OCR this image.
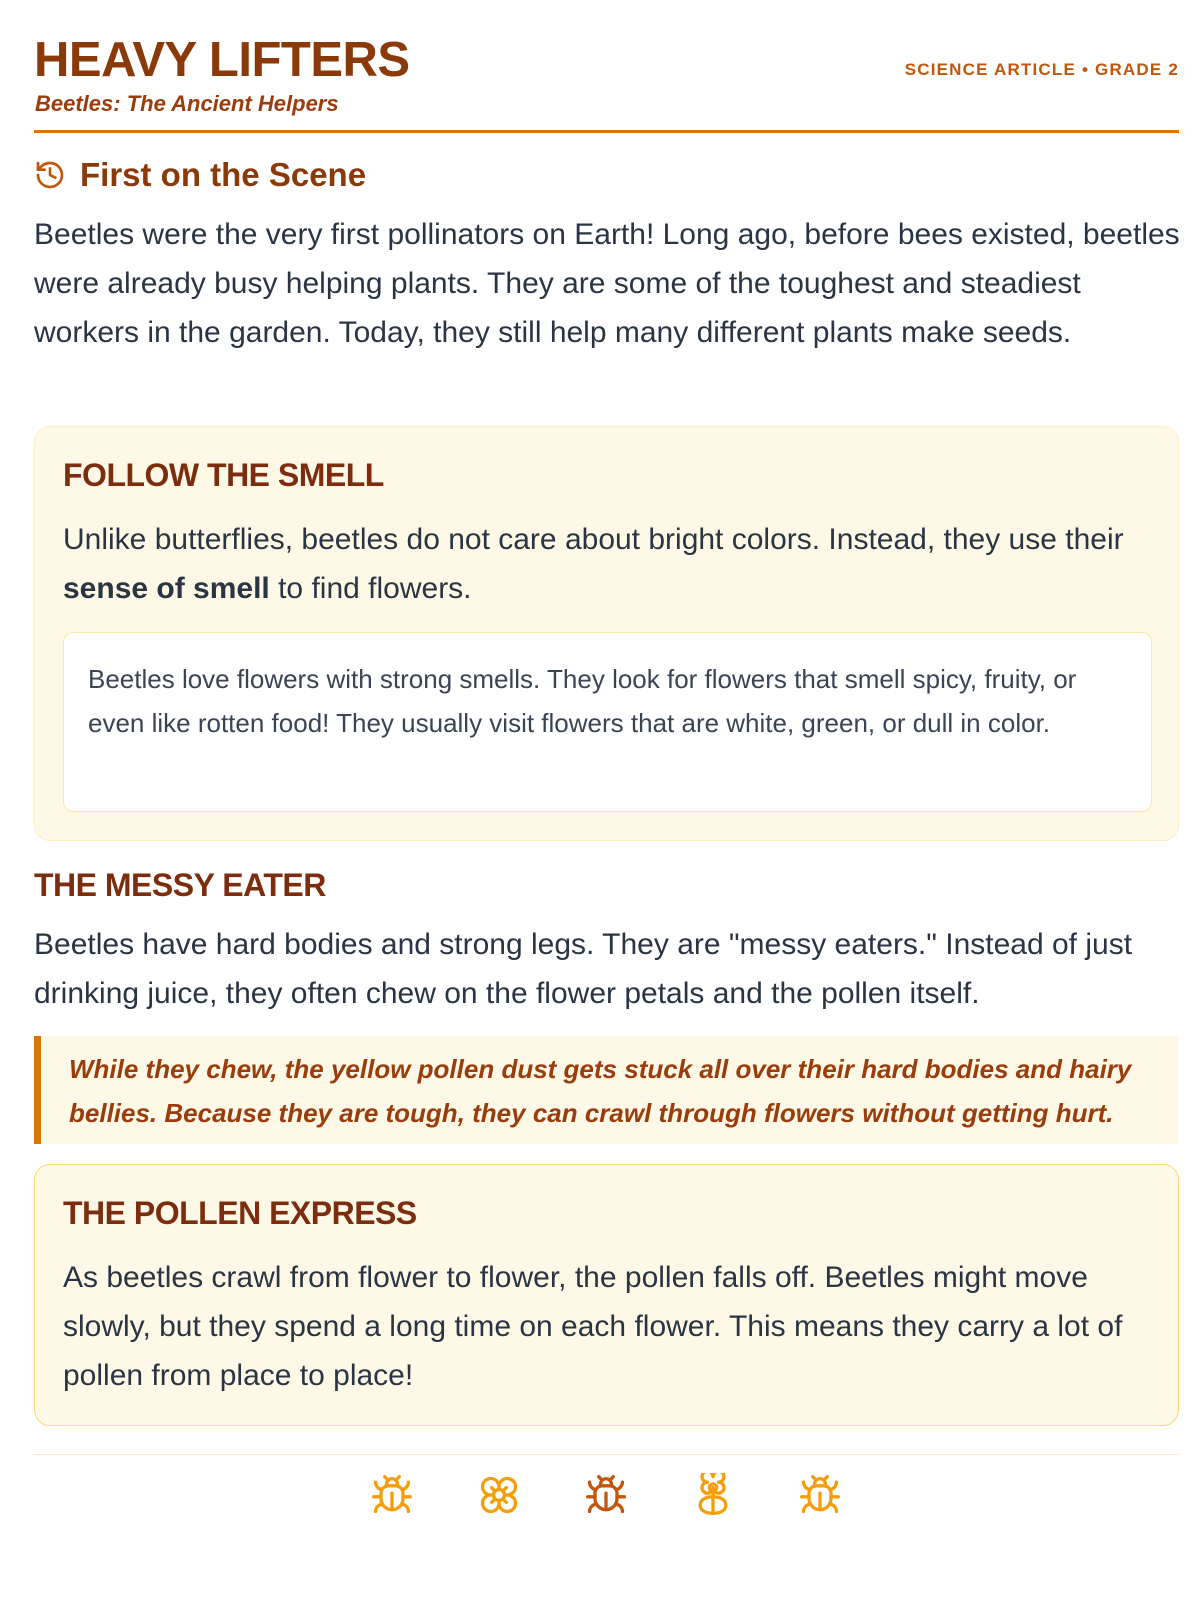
HEAVY LIFTERS
Beetles: The Ancient Helpers
SCIENCE ARTICLE • GRADE 2
First on the Scene

Beetles were the very first pollinators on Earth! Long ago, before bees existed, beetles were already busy helping plants. They are some of the toughest and steadiest workers in the garden. Today, they still help many different plants make seeds.

FOLLOW THE SMELL

Unlike butterflies, beetles do not care about bright colors. Instead, they use their sense of smell to find flowers.

Beetles love flowers with strong smells. They look for flowers that smell spicy, fruity, or even like rotten food! They usually visit flowers that are white, green, or dull in color.
THE MESSY EATER

Beetles have hard bodies and strong legs. They are "messy eaters." Instead of just drinking juice, they often chew on the flower petals and the pollen itself.

While they chew, the yellow pollen dust gets stuck all over their hard bodies and hairy bellies. Because they are tough, they can crawl through flowers without getting hurt.
THE POLLEN EXPRESS

As beetles crawl from flower to flower, the pollen falls off. Beetles might move slowly, but they spend a long time on each flower. This means they carry a lot of pollen from place to place!
